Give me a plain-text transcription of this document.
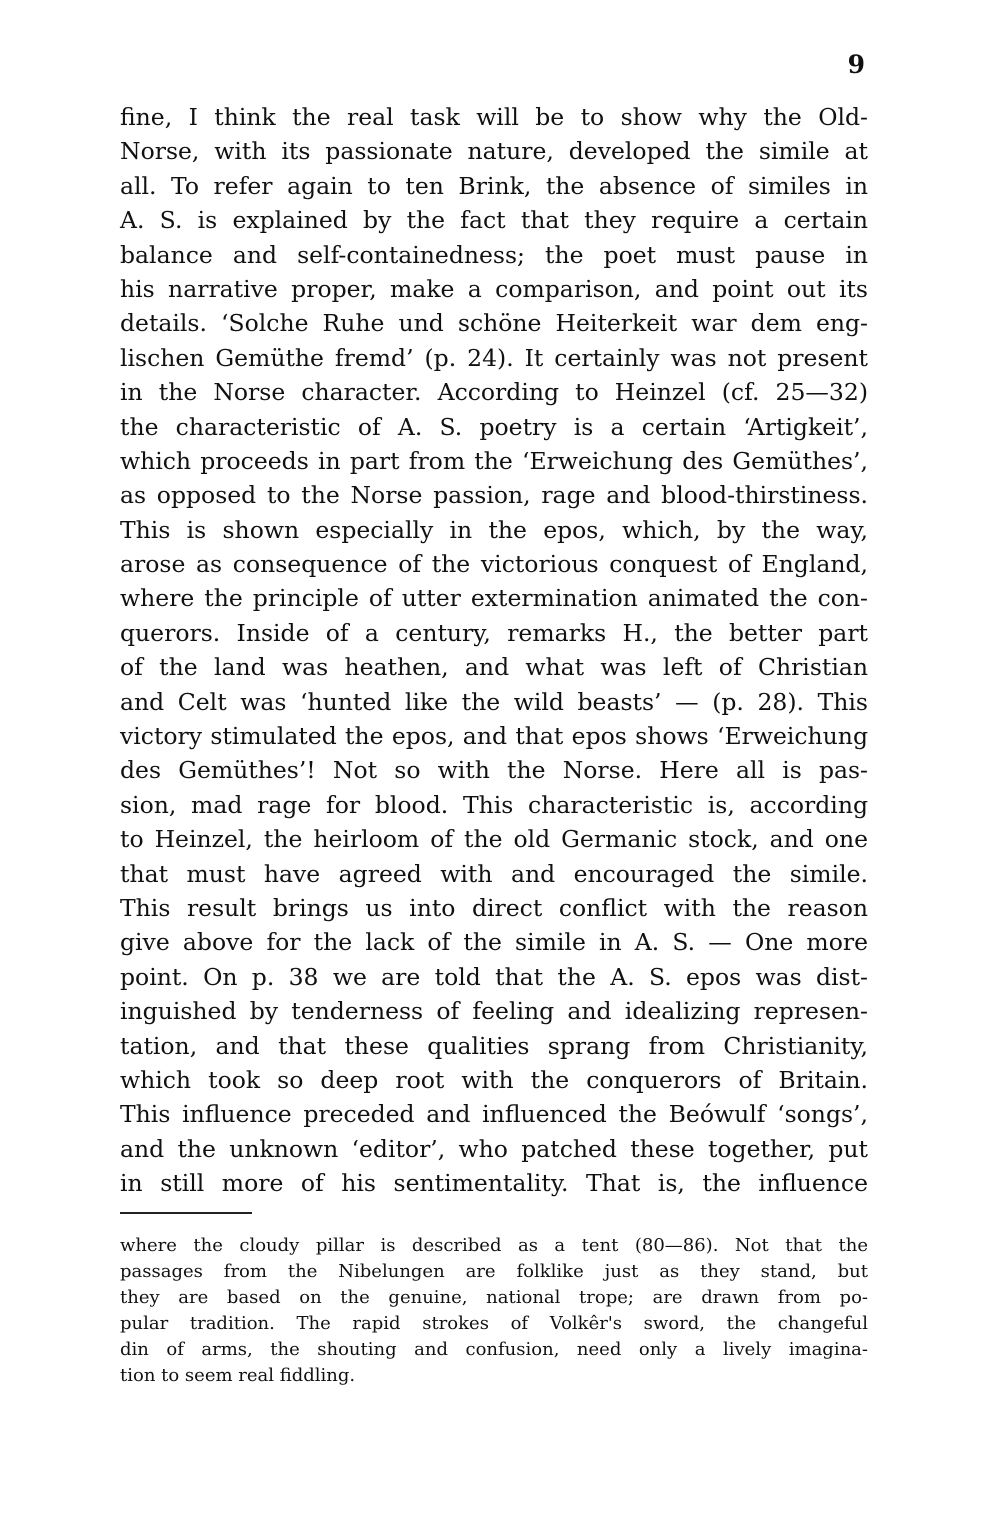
9
fine, I think the real task will be to show why the Old-
Norse, with its passionate nature, developed the simile at
all. To refer again to ten Brink, the absence of similes in
A. S. is explained by the fact that they require a certain
balance and self-containedness; the poet must pause in
his narrative proper, make a comparison, and point out its
details. ‘Solche Ruhe und schöne Heiterkeit war dem eng-
lischen Gemüthe fremd’ (p. 24). It certainly was not present
in the Norse character. According to Heinzel (cf. 25—32)
the characteristic of A. S. poetry is a certain ‘Artigkeit’,
which proceeds in part from the ‘Erweichung des Gemüthes’,
as opposed to the Norse passion, rage and blood-thirstiness.
This is shown especially in the epos, which, by the way,
arose as consequence of the victorious conquest of England,
where the principle of utter extermination animated the con-
querors. Inside of a century, remarks H., the better part
of the land was heathen, and what was left of Christian
and Celt was ‘hunted like the wild beasts’ — (p. 28). This
victory stimulated the epos, and that epos shows ‘Erweichung
des Gemüthes’! Not so with the Norse. Here all is pas-
sion, mad rage for blood. This characteristic is, according
to Heinzel, the heirloom of the old Germanic stock, and one
that must have agreed with and encouraged the simile.
This result brings us into direct conflict with the reason
give above for the lack of the simile in A. S. — One more
point. On p. 38 we are told that the A. S. epos was dist-
inguished by tenderness of feeling and idealizing represen-
tation, and that these qualities sprang from Christianity,
which took so deep root with the conquerors of Britain.
This influence preceded and influenced the Beówulf ‘songs’,
and the unknown ‘editor’, who patched these together, put
in still more of his sentimentality. That is, the influence
where the cloudy pillar is described as a tent (80—86). Not that the
passages from the Nibelungen are folklike just as they stand, but
they are based on the genuine, national trope; are drawn from po-
pular tradition. The rapid strokes of Volkêr's sword, the changeful
din of arms, the shouting and confusion, need only a lively imagina-
tion to seem real fiddling.
